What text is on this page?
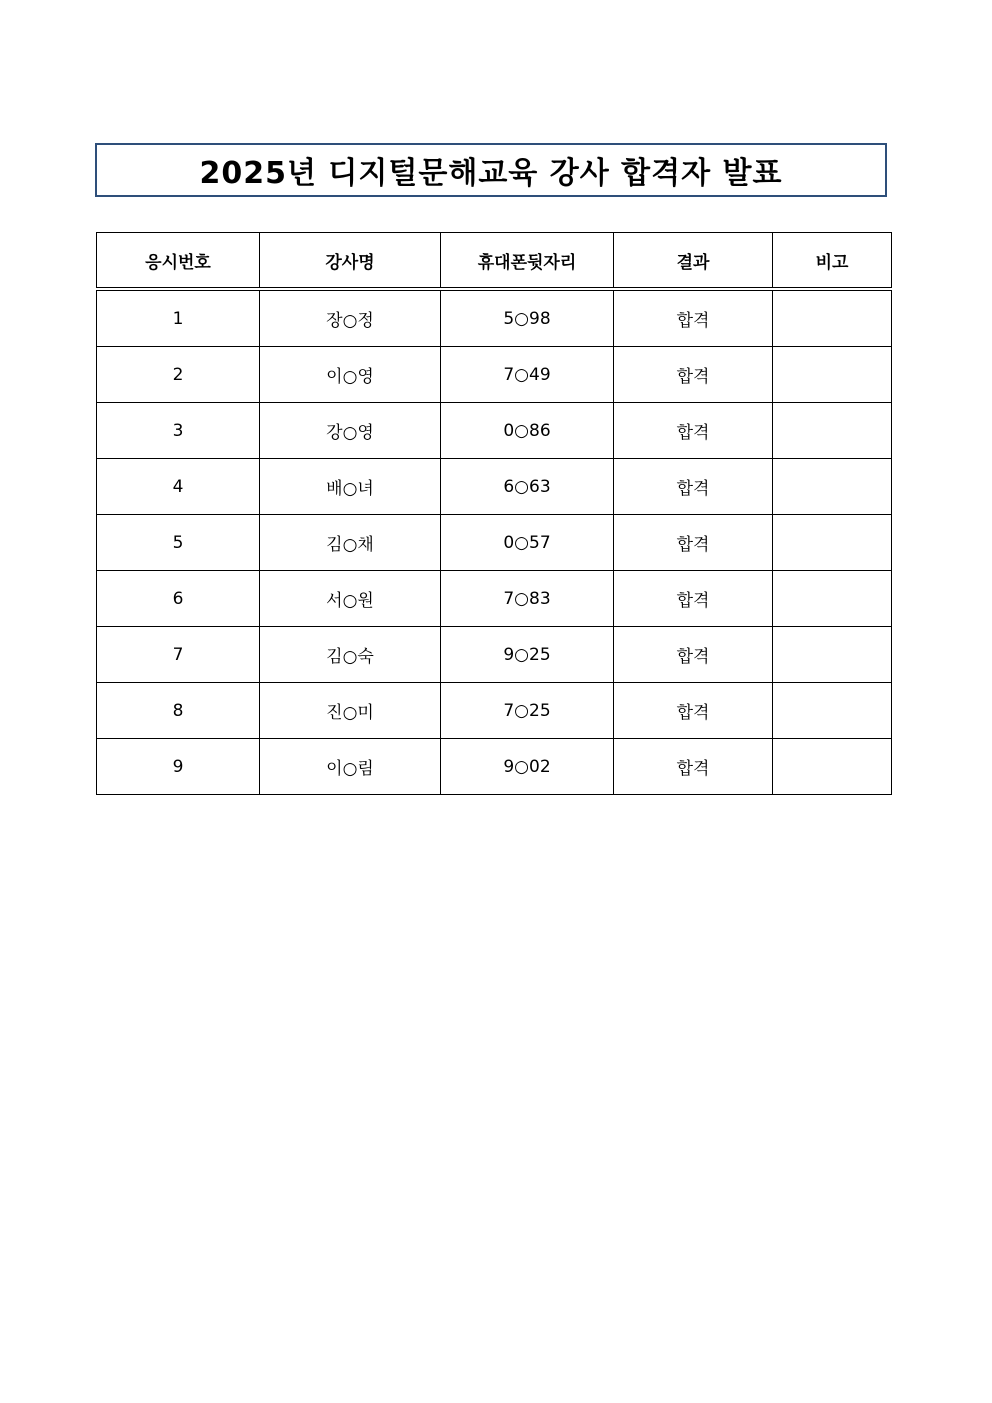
2025년 디지털문해교육 강사 합격자 발표
응시번호	강사명	휴대폰뒷자리	결과	비고
1	장○정	5○98	합격	
2	이○영	7○49	합격	
3	강○영	0○86	합격	
4	배○녀	6○63	합격	
5	김○채	0○57	합격	
6	서○원	7○83	합격	
7	김○숙	9○25	합격	
8	진○미	7○25	합격	
9	이○림	9○02	합격	
